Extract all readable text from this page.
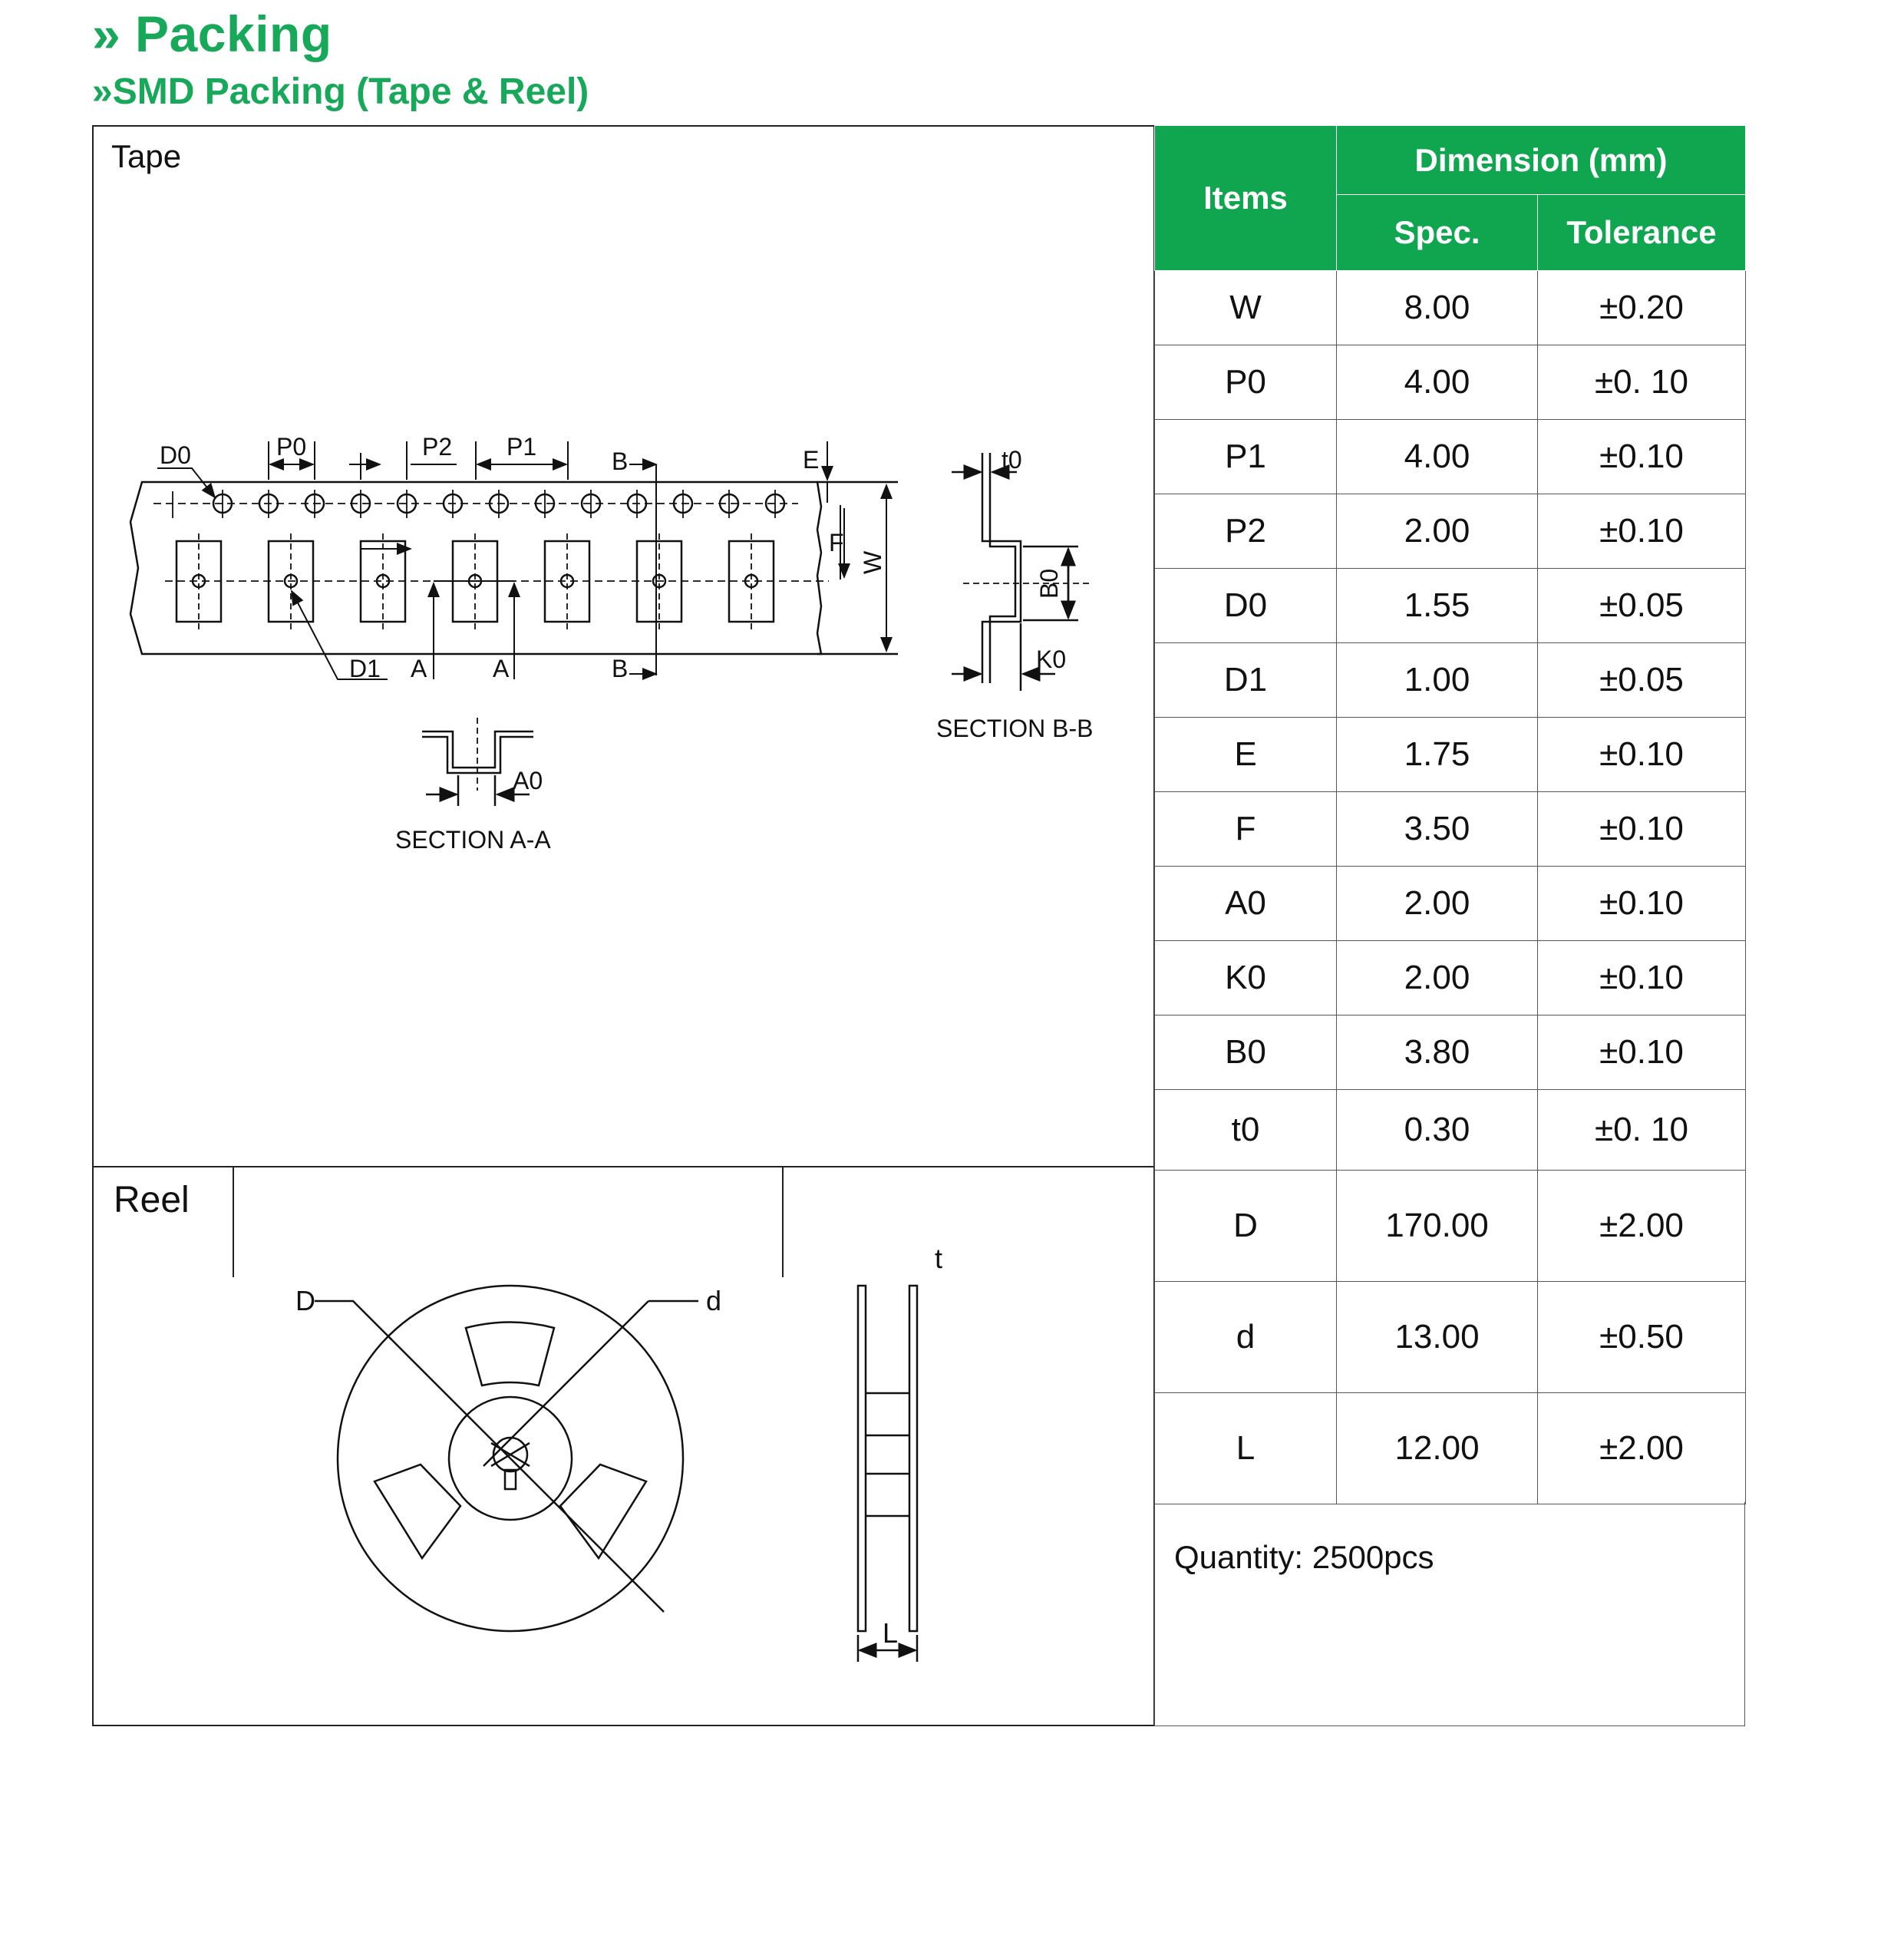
» Packing
»SMD Packing (Tape & Reel)
Tape
Reel
D0	P0	P2 P1
B	E
F
W
D1 A	A	B
A0
SECTION A-A
t0
B0
K0
SECTION B-B
D	d
t
L
Items	Dimension (mm)	
	Spec.	Tolerance
W	8.00	±0.20
P0	4.00	±0. 10
P1	4.00	±0.10
P2	2.00	±0.10
D0	1.55	±0.05
D1	1.00	±0.05
E	1.75	±0.10
F	3.50	±0.10
A0	2.00	±0.10
K0	2.00	±0.10
B0	3.80	±0.10
t0	0.30	±0. 10
D	170.00	±2.00
d	13.00	±0.50
L	12.00	±2.00
Quantity: 2500pcs
